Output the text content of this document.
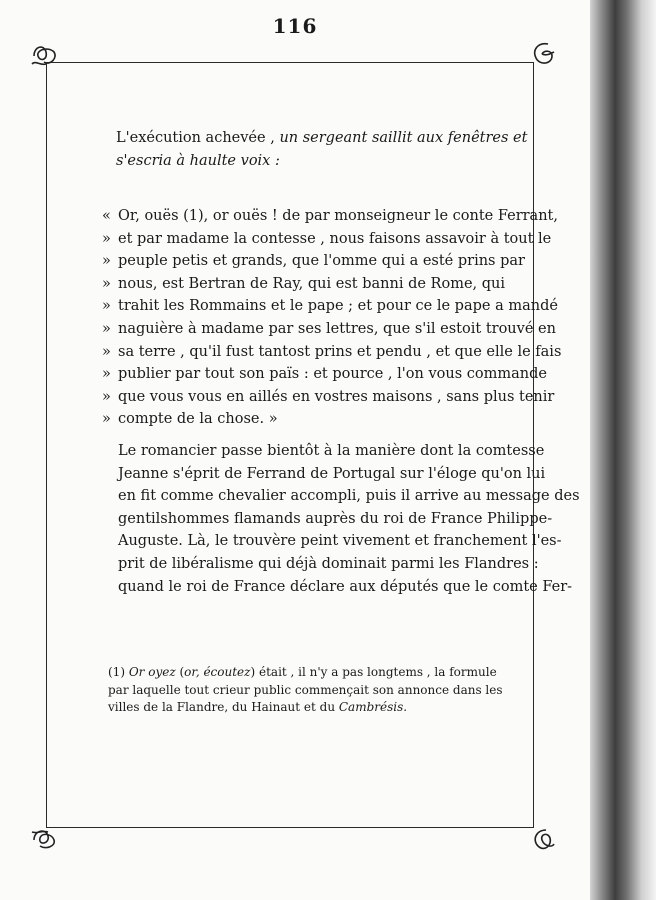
116
L'exécution achevée , un sergeant saillit aux fenêtres et
s'escria à haulte voix :
« Or, ouës (1), or ouës ! de par monseigneur le conte Ferrant,
» et par madame la contesse , nous faisons assavoir à tout le
» peuple petis et grands, que l'omme qui a esté prins par
» nous, est Bertran de Ray, qui est banni de Rome, qui
» trahit les Rommains et le pape ; et pour ce le pape a mandé
» naguière à madame par ses lettres, que s'il estoit trouvé en
» sa terre , qu'il fust tantost prins et pendu , et que elle le fais
» publier par tout son païs : et pource , l'on vous commande
» que vous vous en aillés en vostres maisons , sans plus tenir
» compte de la chose. »
Le romancier passe bientôt à la manière dont la comtesse
Jeanne s'éprit de Ferrand de Portugal sur l'éloge qu'on lui
en fit comme chevalier accompli, puis il arrive au message des
gentilshommes flamands auprès du roi de France Philippe-
Auguste. Là, le trouvère peint vivement et franchement l'es-
prit de libéralisme qui déjà dominait parmi les Flandres :
quand le roi de France déclare aux députés que le comte Fer-
(1) Or oyez (or, écoutez) était , il n'y a pas longtems , la formule
par laquelle tout crieur public commençait son annonce dans les
villes de la Flandre, du Hainaut et du Cambrésis.
